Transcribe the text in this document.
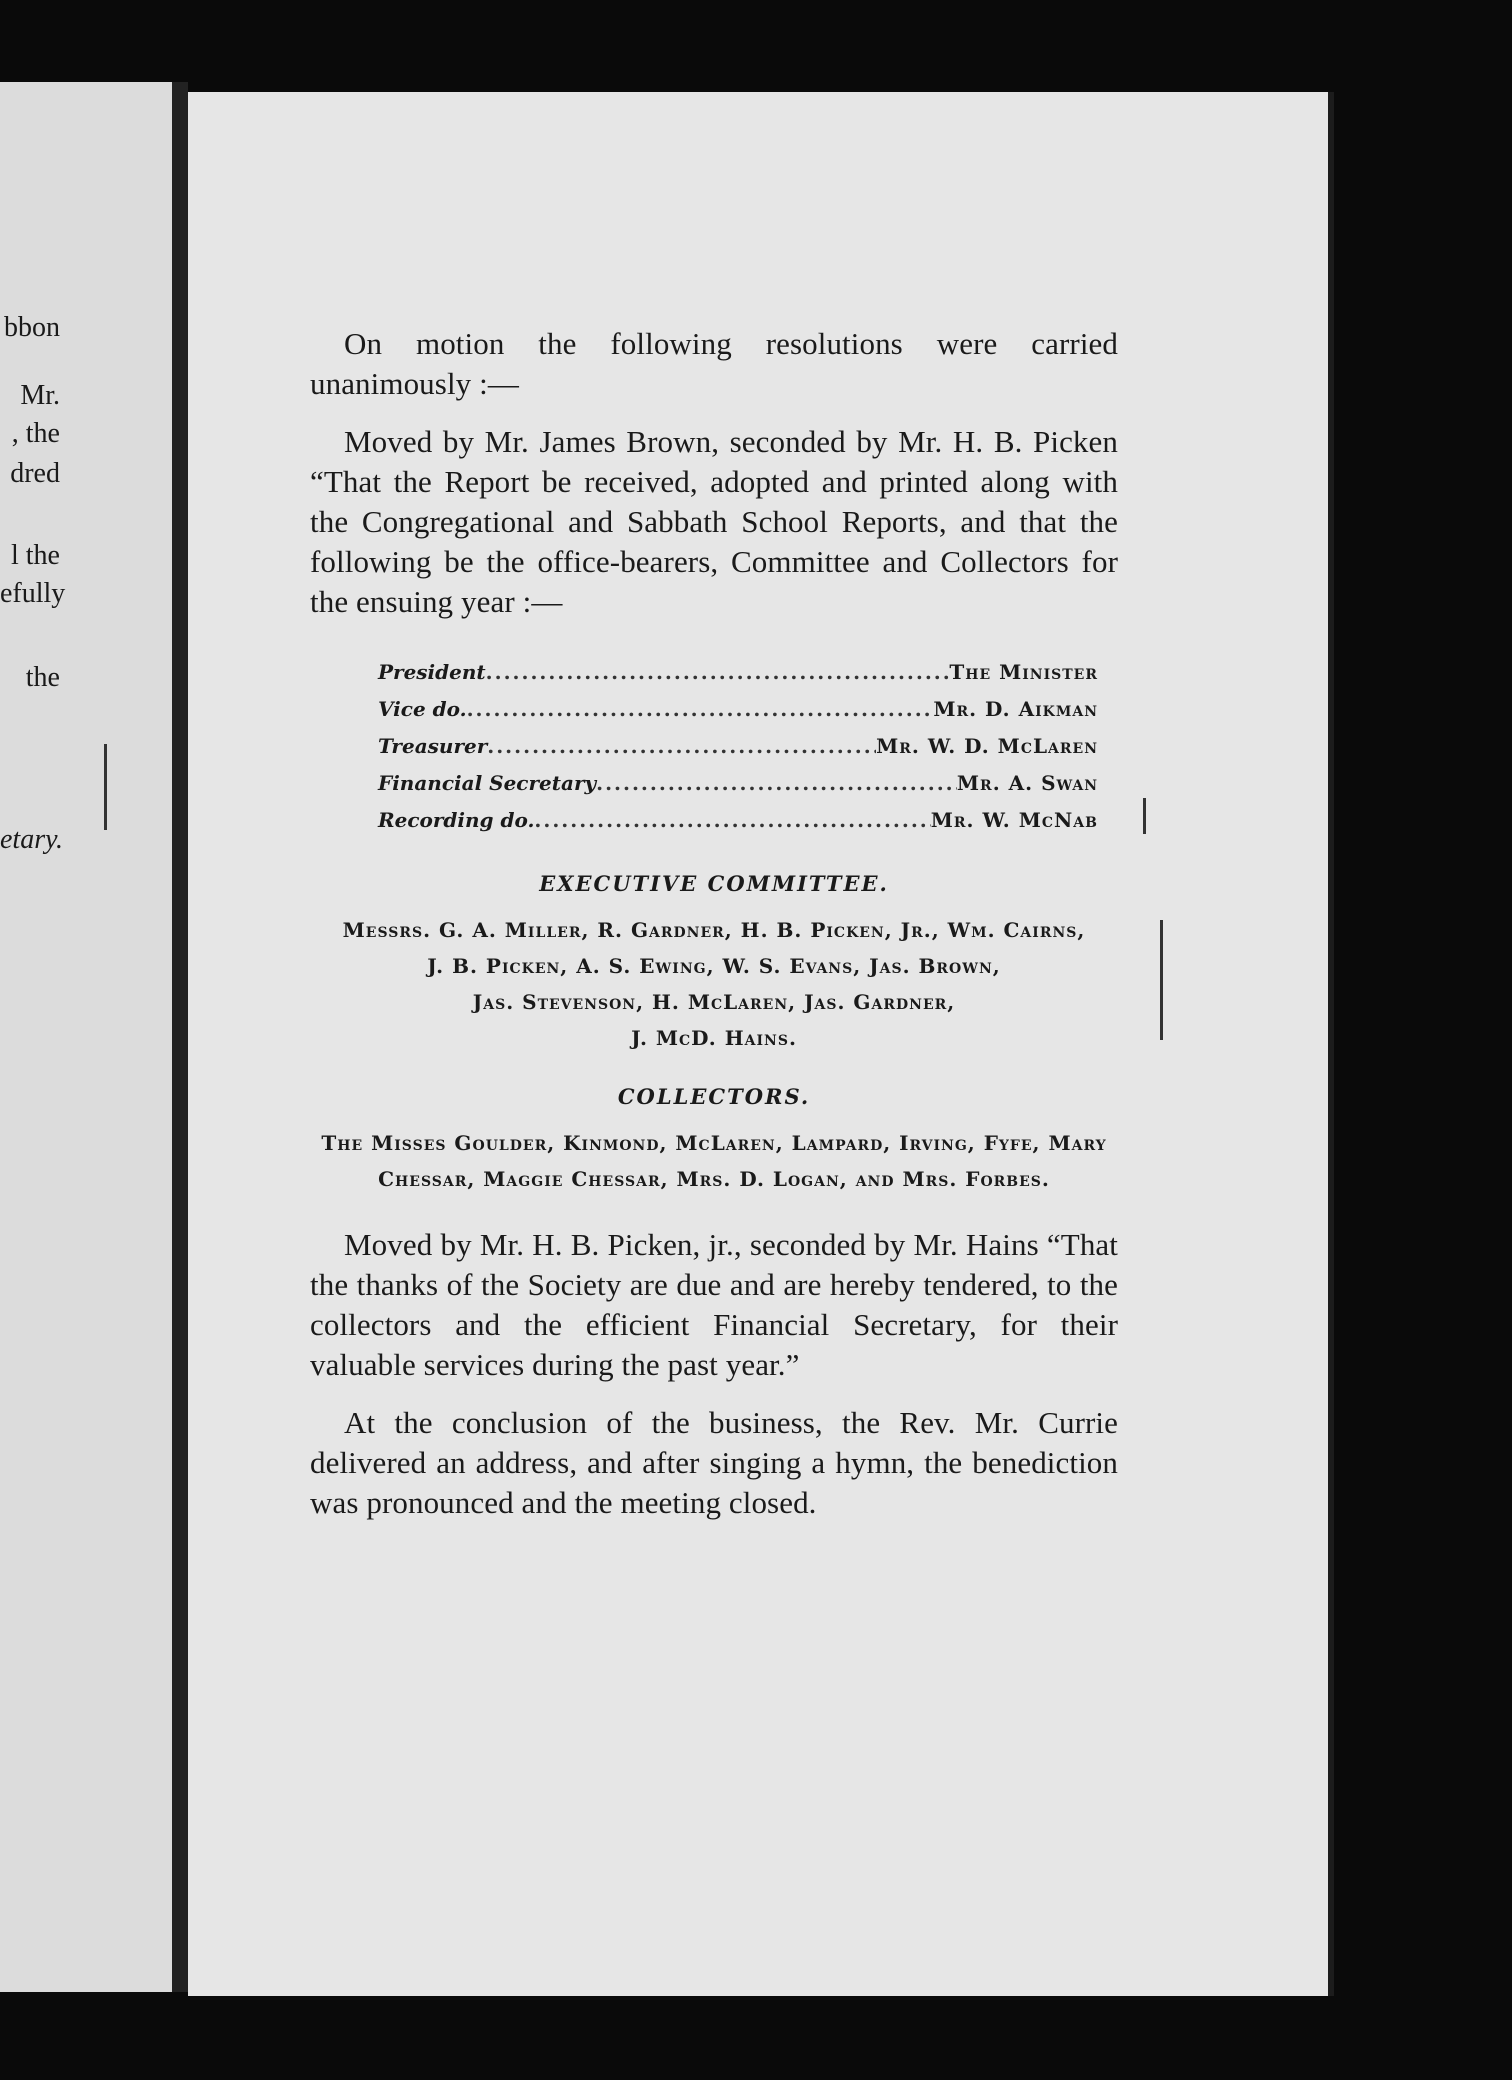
bbon
Mr.
, the
dred
l the
efully
the
etary.

On motion the following resolutions were carried unanimously :—

Moved by Mr. James Brown, seconded by Mr. H. B. Picken “That the Report be received, adopted and printed along with the Congregational and Sabbath School Reports, and that the following be the office-bearers, Committee and Collectors for the ensuing year :—

President .....	The Minister
Vice do. .....	Mr. D. Aikman
Treasurer .....	Mr. W. D. McLaren
Financial Secretary .....	Mr. A. Swan
Recording do. .....	Mr. W. McNab
EXECUTIVE COMMITTEE.
Messrs. G. A. Miller, R. Gardner, H. B. Picken, Jr., Wm. Cairns,
J. B. Picken, A. S. Ewing, W. S. Evans, Jas. Brown,
Jas. Stevenson, H. McLaren, Jas. Gardner,
J. McD. Hains.
COLLECTORS.
The Misses Goulder, Kinmond, McLaren, Lampard, Irving, Fyfe, Mary
Chessar, Maggie Chessar, Mrs. D. Logan, and Mrs. Forbes.

Moved by Mr. H. B. Picken, jr., seconded by Mr. Hains “That the thanks of the Society are due and are hereby tendered, to the collectors and the efficient Financial Secretary, for their valuable services during the past year.”

At the conclusion of the business, the Rev. Mr. Currie delivered an address, and after singing a hymn, the benediction was pronounced and the meeting closed.
